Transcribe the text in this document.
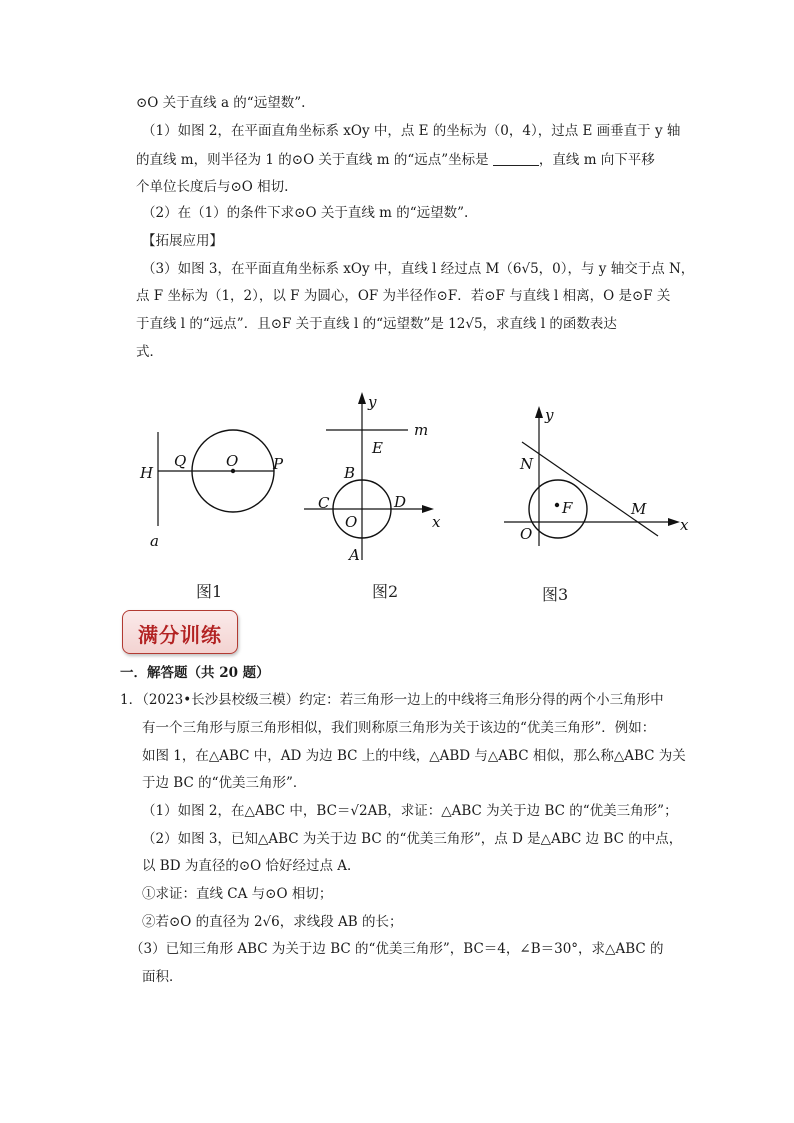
⊙O 关于直线 a 的“远望数”.
（1）如图 2，在平面直角坐标系 xOy 中，点 E 的坐标为（0，4），过点 E 画垂直于 y 轴
的直线 m，则半径为 1 的⊙O 关于直线 m 的“远点”坐标是	，直线 m 向下平移
个单位长度后与⊙O 相切.
（2）在（1）的条件下求⊙O 关于直线 m 的“远望数”.
【拓展应用】
（3）如图 3，在平面直角坐标系 xOy 中，直线 l 经过点 M（6√5，0），与 y 轴交于点 N，
点 F 坐标为（1，2），以 F 为圆心，OF 为半径作⊙F．若⊙F 与直线 l 相离，O 是⊙F 关
于直线 l 的“远点”．且⊙F 关于直线 l 的“远望数”是 12√5，求直线 l 的函数表达
式．
H
Q	O P
a
图1
y
m
E
B
C	D
O	x
A
图2
y
N
F	M
O	x
图3
满分训练
一．解答题（共 20 题）
1．（2023•长沙县校级三模）约定：若三角形一边上的中线将三角形分得的两个小三角形中
有一个三角形与原三角形相似，我们则称原三角形为关于该边的“优美三角形”．例如：
如图 1，在△ABC 中，AD 为边 BC 上的中线，△ABD 与△ABC 相似，那么称△ABC 为关
于边 BC 的“优美三角形”．
（1）如图 2，在△ABC 中，BC＝√2AB，求证：△ABC 为关于边 BC 的“优美三角形”；
（2）如图 3，已知△ABC 为关于边 BC 的“优美三角形”，点 D 是△ABC 边 BC 的中点，
以 BD 为直径的⊙O 恰好经过点 A．
①求证：直线 CA 与⊙O 相切；
②若⊙O 的直径为 2√6，求线段 AB 的长；
（3）已知三角形 ABC 为关于边 BC 的“优美三角形”，BC＝4，∠B＝30°，求△ABC 的
面积．
